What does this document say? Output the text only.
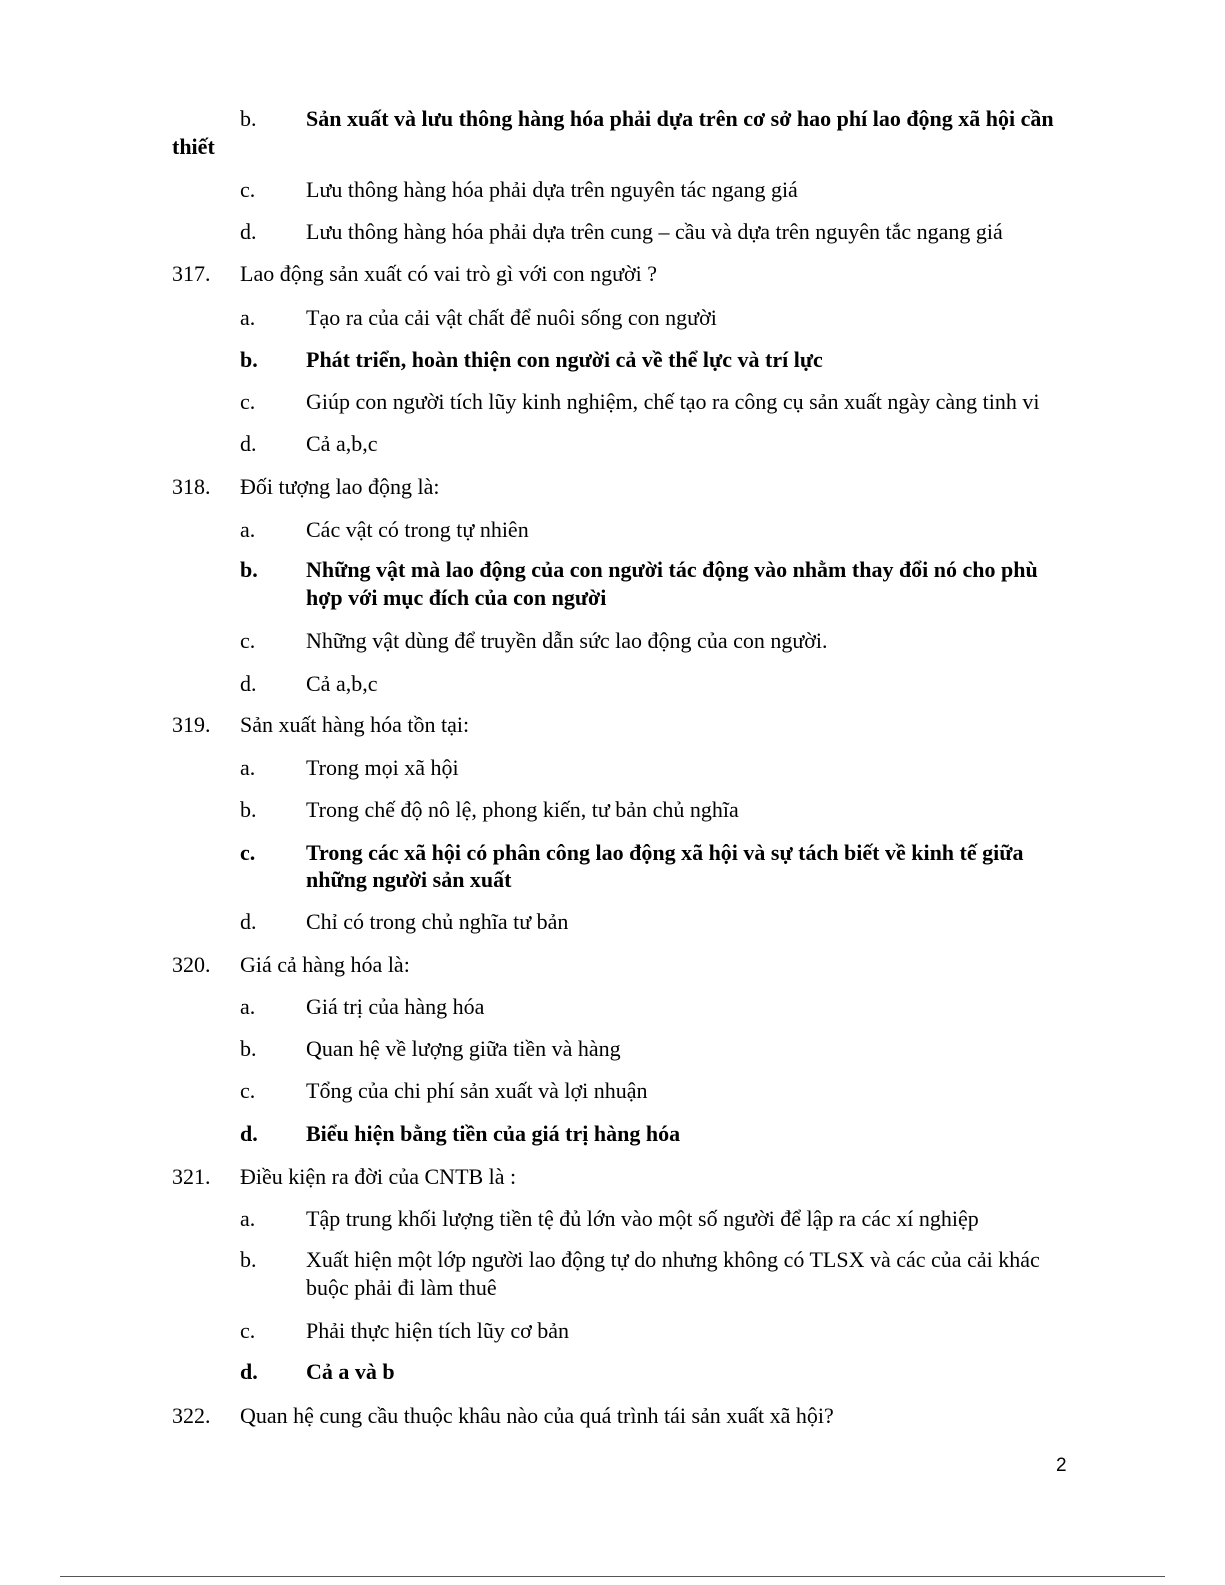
b. Sản xuất và lưu thông hàng hóa phải dựa trên cơ sở hao phí lao động xã hội cần
thiết
c. Lưu thông hàng hóa phải dựa trên nguyên tác ngang giá
d. Lưu thông hàng hóa phải dựa trên cung – cầu và dựa trên nguyên tắc ngang giá
317. Lao động sản xuất có vai trò gì với con người ?
a. Tạo ra của cải vật chất để nuôi sống con người
b. Phát triển, hoàn thiện con người cả về thể lực và trí lực
c. Giúp con người tích lũy kinh nghiệm, chế tạo ra công cụ sản xuất ngày càng tinh vi
d. Cả a,b,c
318. Đối tượng lao động là:
a. Các vật có trong tự nhiên
b. Những vật mà lao động của con người tác động vào nhằm thay đổi nó cho phù
hợp với mục đích của con người
c. Những vật dùng để truyền dẫn sức lao động của con người.
d. Cả a,b,c
319. Sản xuất hàng hóa tồn tại:
a. Trong mọi xã hội
b. Trong chế độ nô lệ, phong kiến, tư bản chủ nghĩa
c. Trong các xã hội có phân công lao động xã hội và sự tách biết về kinh tế giữa
những người sản xuất
d. Chỉ có trong chủ nghĩa tư bản
320. Giá cả hàng hóa là:
a. Giá trị của hàng hóa
b. Quan hệ về lượng giữa tiền và hàng
c. Tổng của chi phí sản xuất và lợi nhuận
d. Biểu hiện bằng tiền của giá trị hàng hóa
321. Điều kiện ra đời của CNTB là :
a. Tập trung khối lượng tiền tệ đủ lớn vào một số người để lập ra các xí nghiệp
b. Xuất hiện một lớp người lao động tự do nhưng không có TLSX và các của cải khác
buộc phải đi làm thuê
c. Phải thực hiện tích lũy cơ bản
d. Cả a và b
322. Quan hệ cung cầu thuộc khâu nào của quá trình tái sản xuất xã hội?
2
